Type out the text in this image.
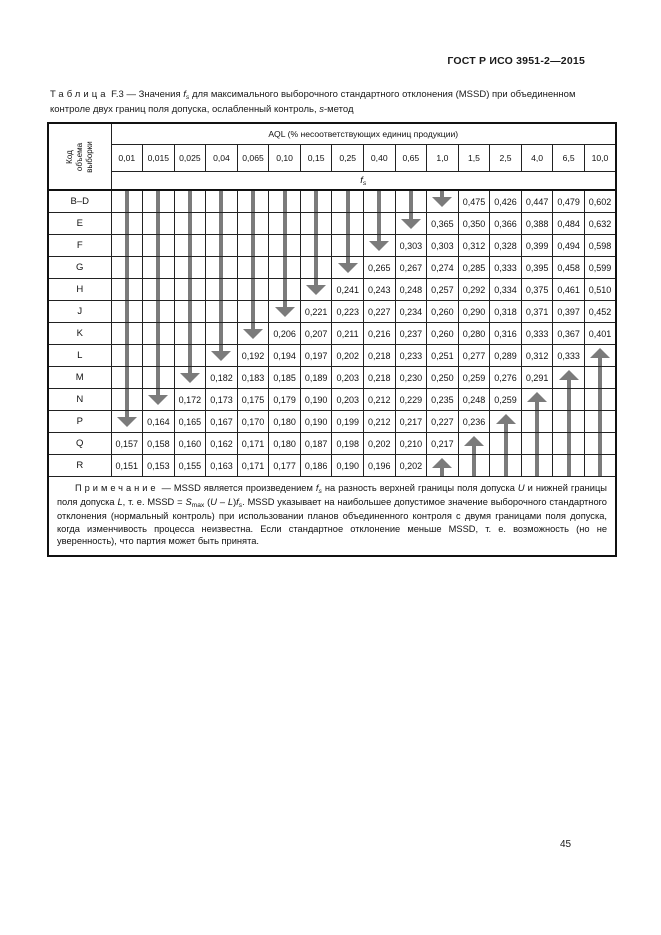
ГОСТ Р ИСО 3951-2—2015
Таблица F.3 — Значения $f_s$ для максимального выборочного стандартного отклонения (MSSD) при объединенном контроле двух границ поля допуска, ослабленный контроль, s-метод
Код объема выборки	AQL (% несоответствующих единиц продукции)															
	0,01	0,015	0,025	0,04	0,065	0,10	0,15	0,25	0,40	0,65	1,0	1,5	2,5	4,0	6,5	10,0
	$f_s$
B–D												0,475	0,426	0,447	0,479	0,602
E											0,365	0,350	0,366	0,388	0,484	0,632
F										0,303	0,303	0,312	0,328	0,399	0,494	0,598
G									0,265	0,267	0,274	0,285	0,333	0,395	0,458	0,599
H								0,241	0,243	0,248	0,257	0,292	0,334	0,375	0,461	0,510
J							0,221	0,223	0,227	0,234	0,260	0,290	0,318	0,371	0,397	0,452
K						0,206	0,207	0,211	0,216	0,237	0,260	0,280	0,316	0,333	0,367	0,401
L					0,192	0,194	0,197	0,202	0,218	0,233	0,251	0,277	0,289	0,312	0,333	
M				0,182	0,183	0,185	0,189	0,203	0,218	0,230	0,250	0,259	0,276	0,291		
N			0,172	0,173	0,175	0,179	0,190	0,203	0,212	0,229	0,235	0,248	0,259			
P		0,164	0,165	0,167	0,170	0,180	0,190	0,199	0,212	0,217	0,227	0,236				
Q	0,157	0,158	0,160	0,162	0,171	0,180	0,187	0,198	0,202	0,210	0,217					
R	0,151	0,153	0,155	0,163	0,171	0,177	0,186	0,190	0,196	0,202						

Примечание — MSSD является произведением $f_s$ на разность верхней границы поля допуска U и нижней границы поля допуска L, т. е. MSSD = $S_{max}$ $(U - L)f_s$. MSSD указывает на наибольшее допустимое значение выборочного стандартного отклонения (нормальный контроль) при использовании планов объединенного контроля с двумя границами поля допуска, когда изменчивость процесса неизвестна. Если стандартное отклонение меньше MSSD, т. е. возможность (но не уверенность), что партия может быть принята.																

45
